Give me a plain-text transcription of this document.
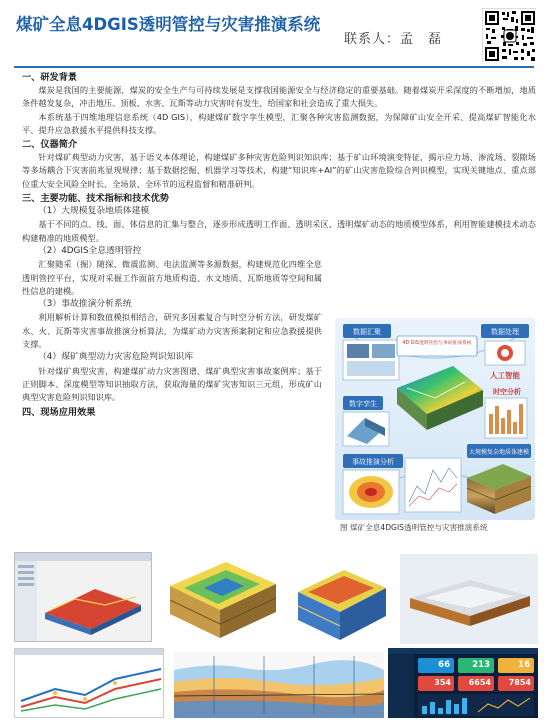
煤矿全息4DGIS透明管控与灾害推演系统
联系人：孟　磊
一、研发背景
煤炭是我国的主要能源，煤炭的安全生产与可持续发展是支撑我国能源安全与经济稳定的重要基础。随着煤炭开采深度的不断增加，地质条件越发复杂，冲击地压、顶板、水害、瓦斯等动力灾害时有发生，给国家和社会造成了重大损失。
本系统基于四维地理信息系统（4D GIS），构建煤矿数字孪生模型，汇聚各种灾害监测数据，为保障矿山安全开采、提高煤矿智能化水平、提升应急救援水平提供科技支撑。
二、仪器简介
针对煤矿典型动力灾害，基于语义本体理论，构建煤矿多种灾害危险判识知识库；基于矿山环境演变特征，揭示应力场、渗流场、裂隙场等多场耦合下灾害前兆显现规律；基于数据挖掘、机器学习等技术，构建“知识库+AI”的矿山灾害危险综合判识模型，实现关键地点、重点部位重大安全风险全时长、全场景、全环节的远程监督和精准研判。
三、主要功能、技术指标和技术优势
（1）大规模复杂地质体建模
基于不同的点、线、面、体信息的汇集与整合，逐步形成透明工作面、透明采区、透明煤矿动态的地质模型体系，利用智能建模技术动态构建精准的地质模型。
（2）4DGIS全息透明管控
汇聚随采（掘）随探、微震监测、电法监测等多源数据，构建规范化四维全息透明管控平台，实现对采掘工作面前方地质构造、水文地质、瓦斯地质等空间和属性信息的建模。
（3）事故推演分析系统
利用解析计算和数值模拟相结合，研究多因素复合与时空分析方法，研发煤矿水、火、瓦斯等灾害事故推演分析算法，为煤矿动力灾害预案制定和应急救援提供支撑。
（4）煤矿典型动力灾害危险判识知识库
针对煤矿典型灾害，构建煤矿动力灾害图谱、煤矿典型灾害事故案例库；基于正则脚本、深度模型等知识抽取方法，获取海量的煤矿灾害知识三元组，形成矿山典型灾害危险判识知识库。
四、现场应用效果
数据汇聚	数据处理
人工智能
4D GIS透明管控与事故推演系统
时空分析
数字孪生
事故推演分析
大规模复杂地质体建模
图 煤矿全息4DGIS透明管控与灾害推演系统
66	213	16
354 6654 7854
